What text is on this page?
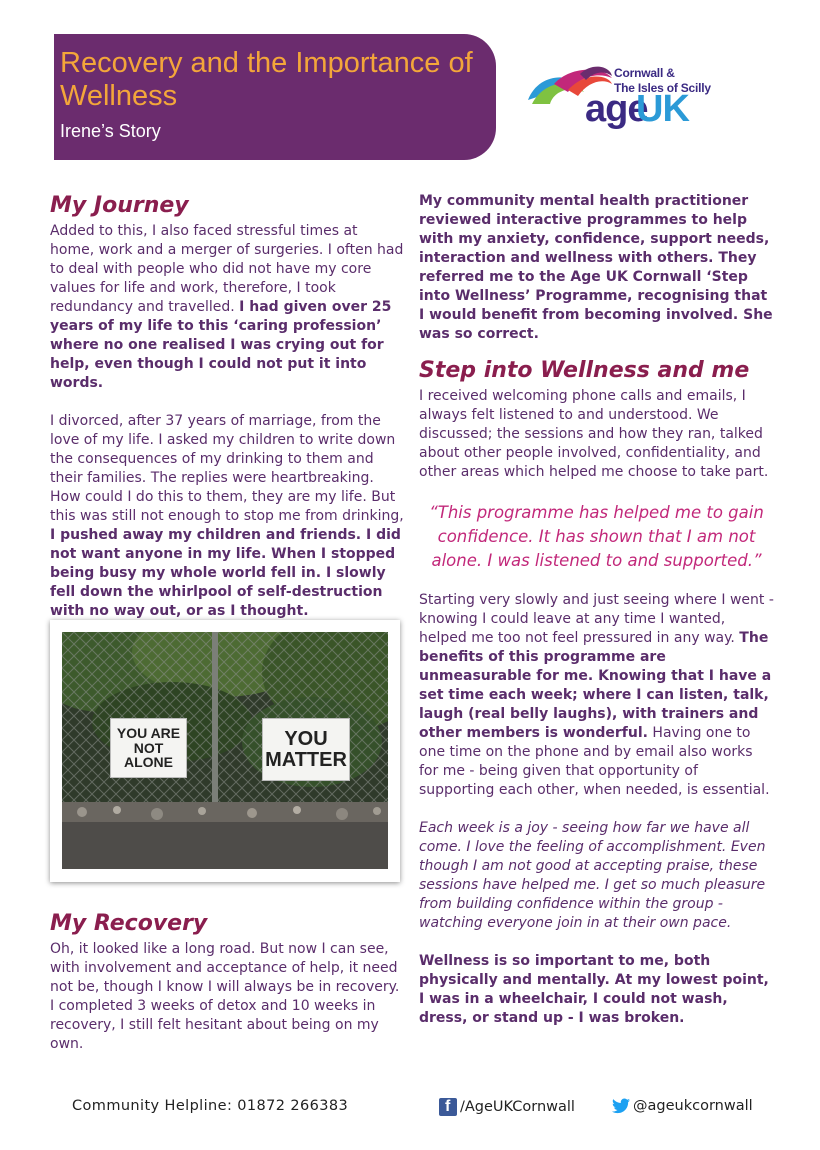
Recovery and the Importance of Wellness
Irene’s Story
Cornwall &
The Isles of Scilly
age
UK
My Journey

Added to this, I also faced stressful times at home, work and a merger of surgeries. I often had to deal with people who did not have my core values for life and work, therefore, I took redundancy and travelled. I had given over 25 years of my life to this ‘caring profession’ where no one realised I was crying out for help, even though I could not put it into words.

I divorced, after 37 years of marriage, from the love of my life. I asked my children to write down the consequences of my drinking to them and their families. The replies were heartbreaking. How could I do this to them, they are my life. But this was still not enough to stop me from drinking, I pushed away my children and friends. I did not want anyone in my life. When I stopped being busy my whole world fell in. I slowly fell down the whirlpool of self-destruction with no way out, or as I thought.

YOU ARE NOT ALONE
YOU MATTER
My Recovery

Oh, it looked like a long road. But now I can see, with involvement and acceptance of help, it need not be, though I know I will always be in recovery. I completed 3 weeks of detox and 10 weeks in recovery, I still felt hesitant about being on my own.

My community mental health practitioner reviewed interactive programmes to help with my anxiety, confidence, support needs, interaction and wellness with others. They referred me to the Age UK Cornwall ‘Step into Wellness’ Programme, recognising that I would benefit from becoming involved. She was so correct.

Step into Wellness and me

I received welcoming phone calls and emails, I always felt listened to and understood. We discussed; the sessions and how they ran, talked about other people involved, confidentiality, and other areas which helped me choose to take part.

“This programme has helped me to gain confidence. It has shown that I am not alone. I was listened to and supported.”

Starting very slowly and just seeing where I went - knowing I could leave at any time I wanted, helped me too not feel pressured in any way. The benefits of this programme are unmeasurable for me. Knowing that I have a set time each week; where I can listen, talk, laugh (real belly laughs), with trainers and other members is wonderful. Having one to one time on the phone and by email also works for me - being given that opportunity of supporting each other, when needed, is essential.

Each week is a joy - seeing how far we have all come. I love the feeling of accomplishment. Even though I am not good at accepting praise, these sessions have helped me. I get so much pleasure from building confidence within the group - watching everyone join in at their own pace.

Wellness is so important to me, both physically and mentally. At my lowest point, I was in a wheelchair, I could not wash, dress, or stand up - I was broken.

Community Helpline: 01872 266383
f	/AgeUKCornwall	@ageukcornwall
